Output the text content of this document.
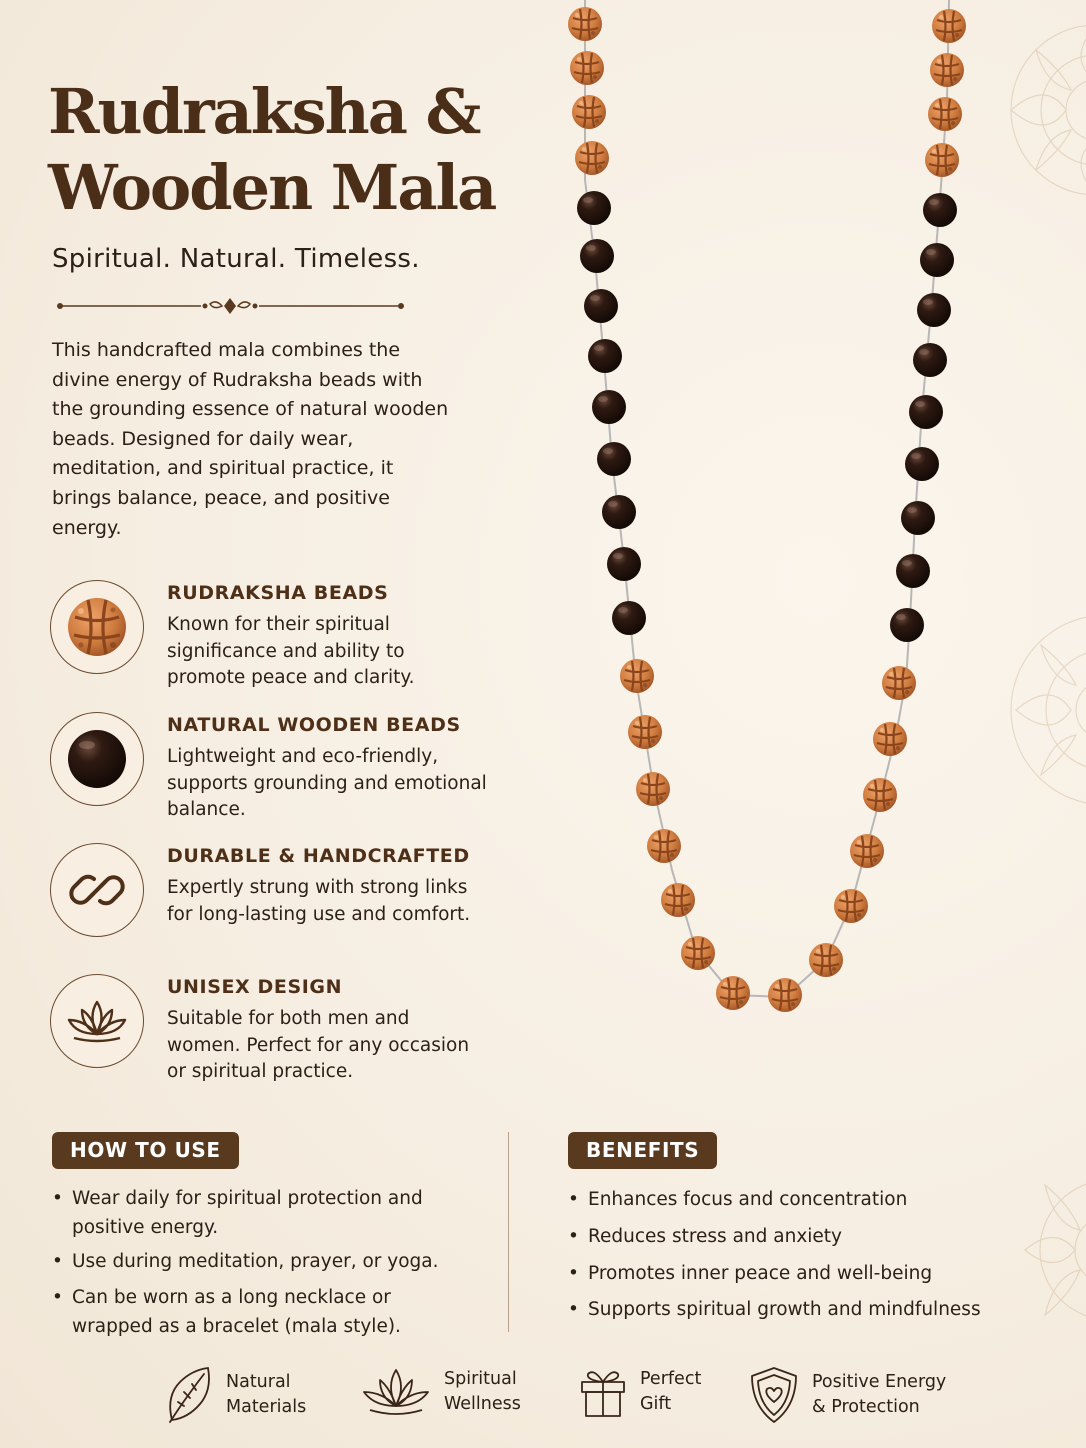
Rudraksha &
Wooden Mala
Spiritual. Natural. Timeless.

This handcrafted mala combines the divine energy of Rudraksha beads with the grounding essence of natural wooden beads. Designed for daily wear, meditation, and spiritual practice, it brings balance, peace, and positive energy.

RUDRAKSHA BEADS
Known for their spiritual significance and ability to promote peace and clarity.
NATURAL WOODEN BEADS
Lightweight and eco-friendly, supports grounding and emotional balance.
DURABLE & HANDCRAFTED
Expertly strung with strong links for long-lasting use and comfort.
UNISEX DESIGN
Suitable for both men and women. Perfect for any occasion or spiritual practice.
HOW TO USE
• Wear daily for spiritual protection and positive energy.
• Use during meditation, prayer, or yoga.
• Can be worn as a long necklace or wrapped as a bracelet (mala style).
BENEFITS
• Enhances focus and concentration
• Reduces stress and anxiety
• Promotes inner peace and well-being
• Supports spiritual growth and mindfulness
Natural
Materials
Spiritual
Wellness
Perfect
Gift
Positive Energy
& Protection
